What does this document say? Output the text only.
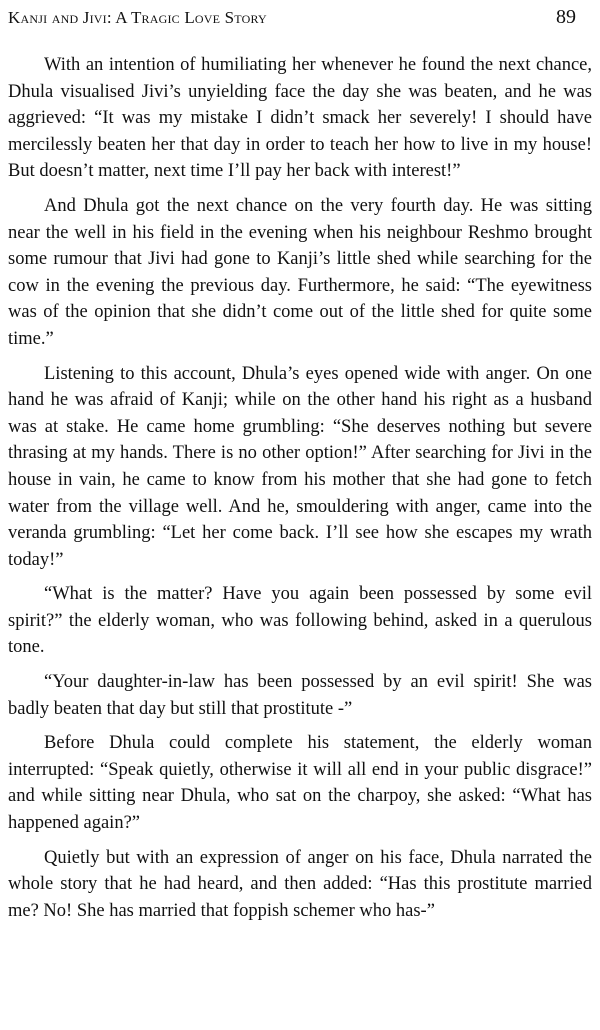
Kanji and Jivi: A Tragic Love Story	89

With an intention of humiliating her whenever he found the next chance, Dhula visualised Jivi’s unyielding face the day she was beaten, and he was aggrieved: “It was my mistake I didn’t smack her severely! I should have mercilessly beaten her that day in order to teach her how to live in my house! But doesn’t matter, next time I’ll pay her back with interest!”

And Dhula got the next chance on the very fourth day. He was sitting near the well in his field in the evening when his neighbour Reshmo brought some rumour that Jivi had gone to Kanji’s little shed while searching for the cow in the evening the previous day. Furthermore, he said: “The eyewitness was of the opinion that she didn’t come out of the little shed for quite some time.”

Listening to this account, Dhula’s eyes opened wide with anger. On one hand he was afraid of Kanji; while on the other hand his right as a husband was at stake. He came home grumbling: “She deserves nothing but severe thrasing at my hands. There is no other option!” After searching for Jivi in the house in vain, he came to know from his mother that she had gone to fetch water from the village well. And he, smouldering with anger, came into the veranda grumbling: “Let her come back. I’ll see how she escapes my wrath today!”

“What is the matter? Have you again been possessed by some evil spirit?” the elderly woman, who was following behind, asked in a querulous tone.

“Your daughter-in-law has been possessed by an evil spirit! She was badly beaten that day but still that prostitute -”

Before Dhula could complete his statement, the elderly woman interrupted: “Speak quietly, otherwise it will all end in your public disgrace!” and while sitting near Dhula, who sat on the charpoy, she asked: “What has happened again?”

Quietly but with an expression of anger on his face, Dhula narrated the whole story that he had heard, and then added: “Has this prostitute married me? No! She has married that foppish schemer who has-”
